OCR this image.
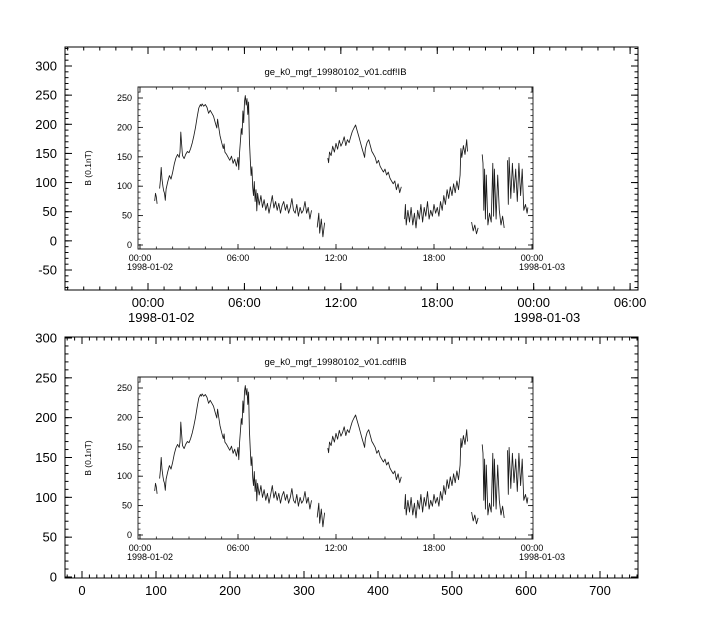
00:00	06:00	12:00	18:00	00:00	06:00
-50
0
50
100
150
200
250
300
1998-01-02	1998-01-03
00:00	06:00	12:00	18:00	00:00
0
50
100
150
200
250
1998-01-02	1998-01-03
ge_k0_mgf_19980102_v01.cdf!IB
B (0.1nT)
0	100	200	300	400	500	600	700
0
50
100
150
200
250
300
00:00	06:00	12:00	18:00	00:00
0
50
100
150
200
250
1998-01-02	1998-01-03
ge_k0_mgf_19980102_v01.cdf!IB
B (0.1nT)
